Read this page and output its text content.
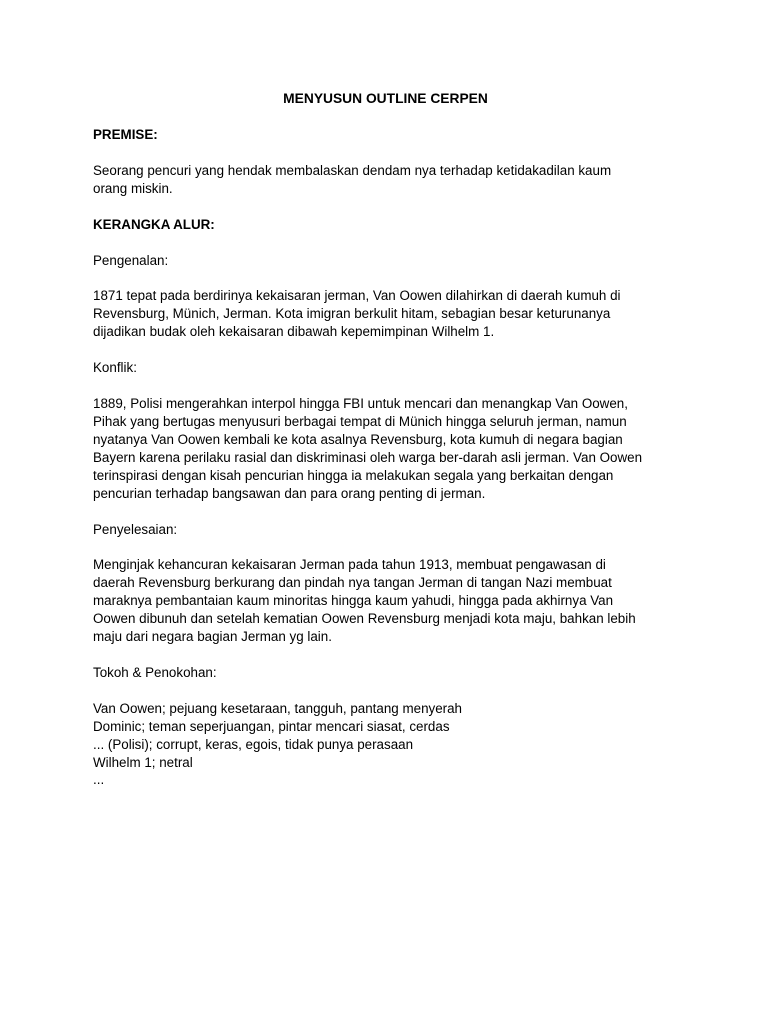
MENYUSUN OUTLINE CERPEN
PREMISE:
Seorang pencuri yang hendak membalaskan dendam nya terhadap ketidakadilan kaum
orang miskin.
KERANGKA ALUR:
Pengenalan:
1871 tepat pada berdirinya kekaisaran jerman, Van Oowen dilahirkan di daerah kumuh di
Revensburg, Münich, Jerman. Kota imigran berkulit hitam, sebagian besar keturunanya
dijadikan budak oleh kekaisaran dibawah kepemimpinan Wilhelm 1.
Konflik:
1889, Polisi mengerahkan interpol hingga FBI untuk mencari dan menangkap Van Oowen,
Pihak yang bertugas menyusuri berbagai tempat di Münich hingga seluruh jerman, namun
nyatanya Van Oowen kembali ke kota asalnya Revensburg, kota kumuh di negara bagian
Bayern karena perilaku rasial dan diskriminasi oleh warga ber-darah asli jerman. Van Oowen
terinspirasi dengan kisah pencurian hingga ia melakukan segala yang berkaitan dengan
pencurian terhadap bangsawan dan para orang penting di jerman.
Penyelesaian:
Menginjak kehancuran kekaisaran Jerman pada tahun 1913, membuat pengawasan di
daerah Revensburg berkurang dan pindah nya tangan Jerman di tangan Nazi membuat
maraknya pembantaian kaum minoritas hingga kaum yahudi, hingga pada akhirnya Van
Oowen dibunuh dan setelah kematian Oowen Revensburg menjadi kota maju, bahkan lebih
maju dari negara bagian Jerman yg lain.
Tokoh & Penokohan:
Van Oowen; pejuang kesetaraan, tangguh, pantang menyerah
Dominic; teman seperjuangan, pintar mencari siasat, cerdas
... (Polisi); corrupt, keras, egois, tidak punya perasaan
Wilhelm 1; netral
...
